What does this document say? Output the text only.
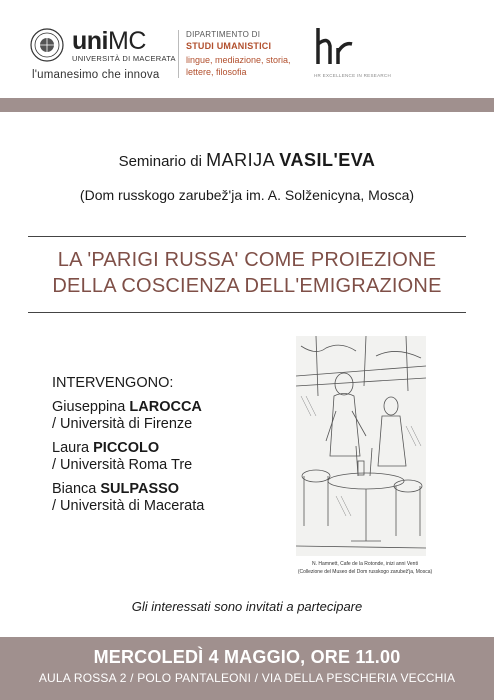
uniMC
UNIVERSITÀ DI MACERATA
l'umanesimo che innova
DIPARTIMENTO DI
STUDI UMANISTICI
lingue, mediazione, storia, lettere, filosofia	HR EXCELLENCE IN RESEARCH
Seminario di MARIJA VASIL'EVA
(Dom russkogo zarubež'ja im. A. Solženicyna, Mosca)
LA 'PARIGI RUSSA' COME PROIEZIONE
DELLA COSCIENZA DELL'EMIGRAZIONE
INTERVENGONO:
Giuseppina LAROCCA
/ Università di Firenze
Laura PICCOLO
/ Università Roma Tre
Bianca SULPASSO
/ Università di Macerata
N. Hamnett, Cafe de la Rotonde, inizi anni Venti
(Collezione del Museo del Dom russkogo zarubež'ja, Mosca)
Gli interessati sono invitati a partecipare
MERCOLEDÌ 4 MAGGIO, ORE 11.00
AULA ROSSA 2 / POLO PANTALEONI / VIA DELLA PESCHERIA VECCHIA
